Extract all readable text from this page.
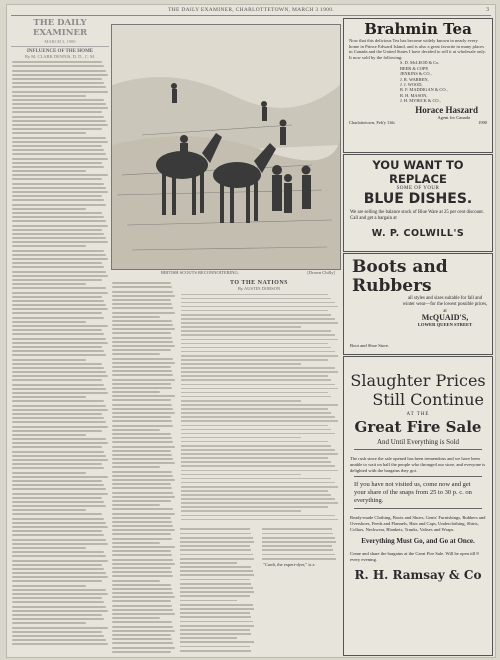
THE DAILY EXAMINER, CHARLOTTETOWN, MARCH 3 1900.	3
THE DAILY EXAMINER
MARCH 3, 1900
INFLUENCE OF THE HOME
By M. CLARK DENNIS, D. D., C. M.
BRITISH SCOUTS RECONNOITERING.	[Drawn Chilly]
TO THE NATIONS
By AUSTIN DOBSON
"Cardi, the expert-dyer," is a
Brahmin Tea
Now that this delicious Tea has become widely known in nearly every home in Prince Edward Island, and is also a great favorite in many places in Canada and the United States I have decided to sell it at wholesale only. It now sold by the following:
S. D. McLEOD & Co.
BEER & COPP,
JENKINS & CO.,
J. R. WARREN,
J. J. WOOD,
R. F. MADDIGAN & CO.,
R. H. MASON,
J. H. MYRICK & CO.,
Horace Haszard
Agent for Canada
Charlottetown, Feb'y 11th	1900
YOU WANT TO REPLACE
SOME OF YOUR
BLUE DISHES.
We are selling the balance stock of Blue Ware at 25 per cent discount. Call and get a bargain at
W. P. COLWILL'S
Boots and
Rubbers
all styles and sizes suitable for fall and winter wear—for the lowest possible prices, at
McQUAID'S,
LOWER QUEEN STREET
Boot and Shoe Store.
Slaughter Prices
Still Continue
AT THE
Great Fire Sale
And Until Everything is Sold
The rush since the sale opened has been tremendous and we have been unable to wait on half the people who thronged our store, and everyone is delighted with the bargains they got.
If you have not visited us, come now and get your share of the snaps from 25 to 30 p. c. on everything.
Ready-made Clothing, Boots and Shoes, Gents' Furnishings, Rubbers and Overshoes, Feeds and Flannels, Hats and Caps, Underclothing, Shirts, Collars, Neckwear, Blankets, Trunks, Valises and Wraps.
Everything Must Go, and Go at Once.
Come and share the bargains at the Great Fire Sale. Will be open till 8 every evening.
R. H. Ramsay & Co
